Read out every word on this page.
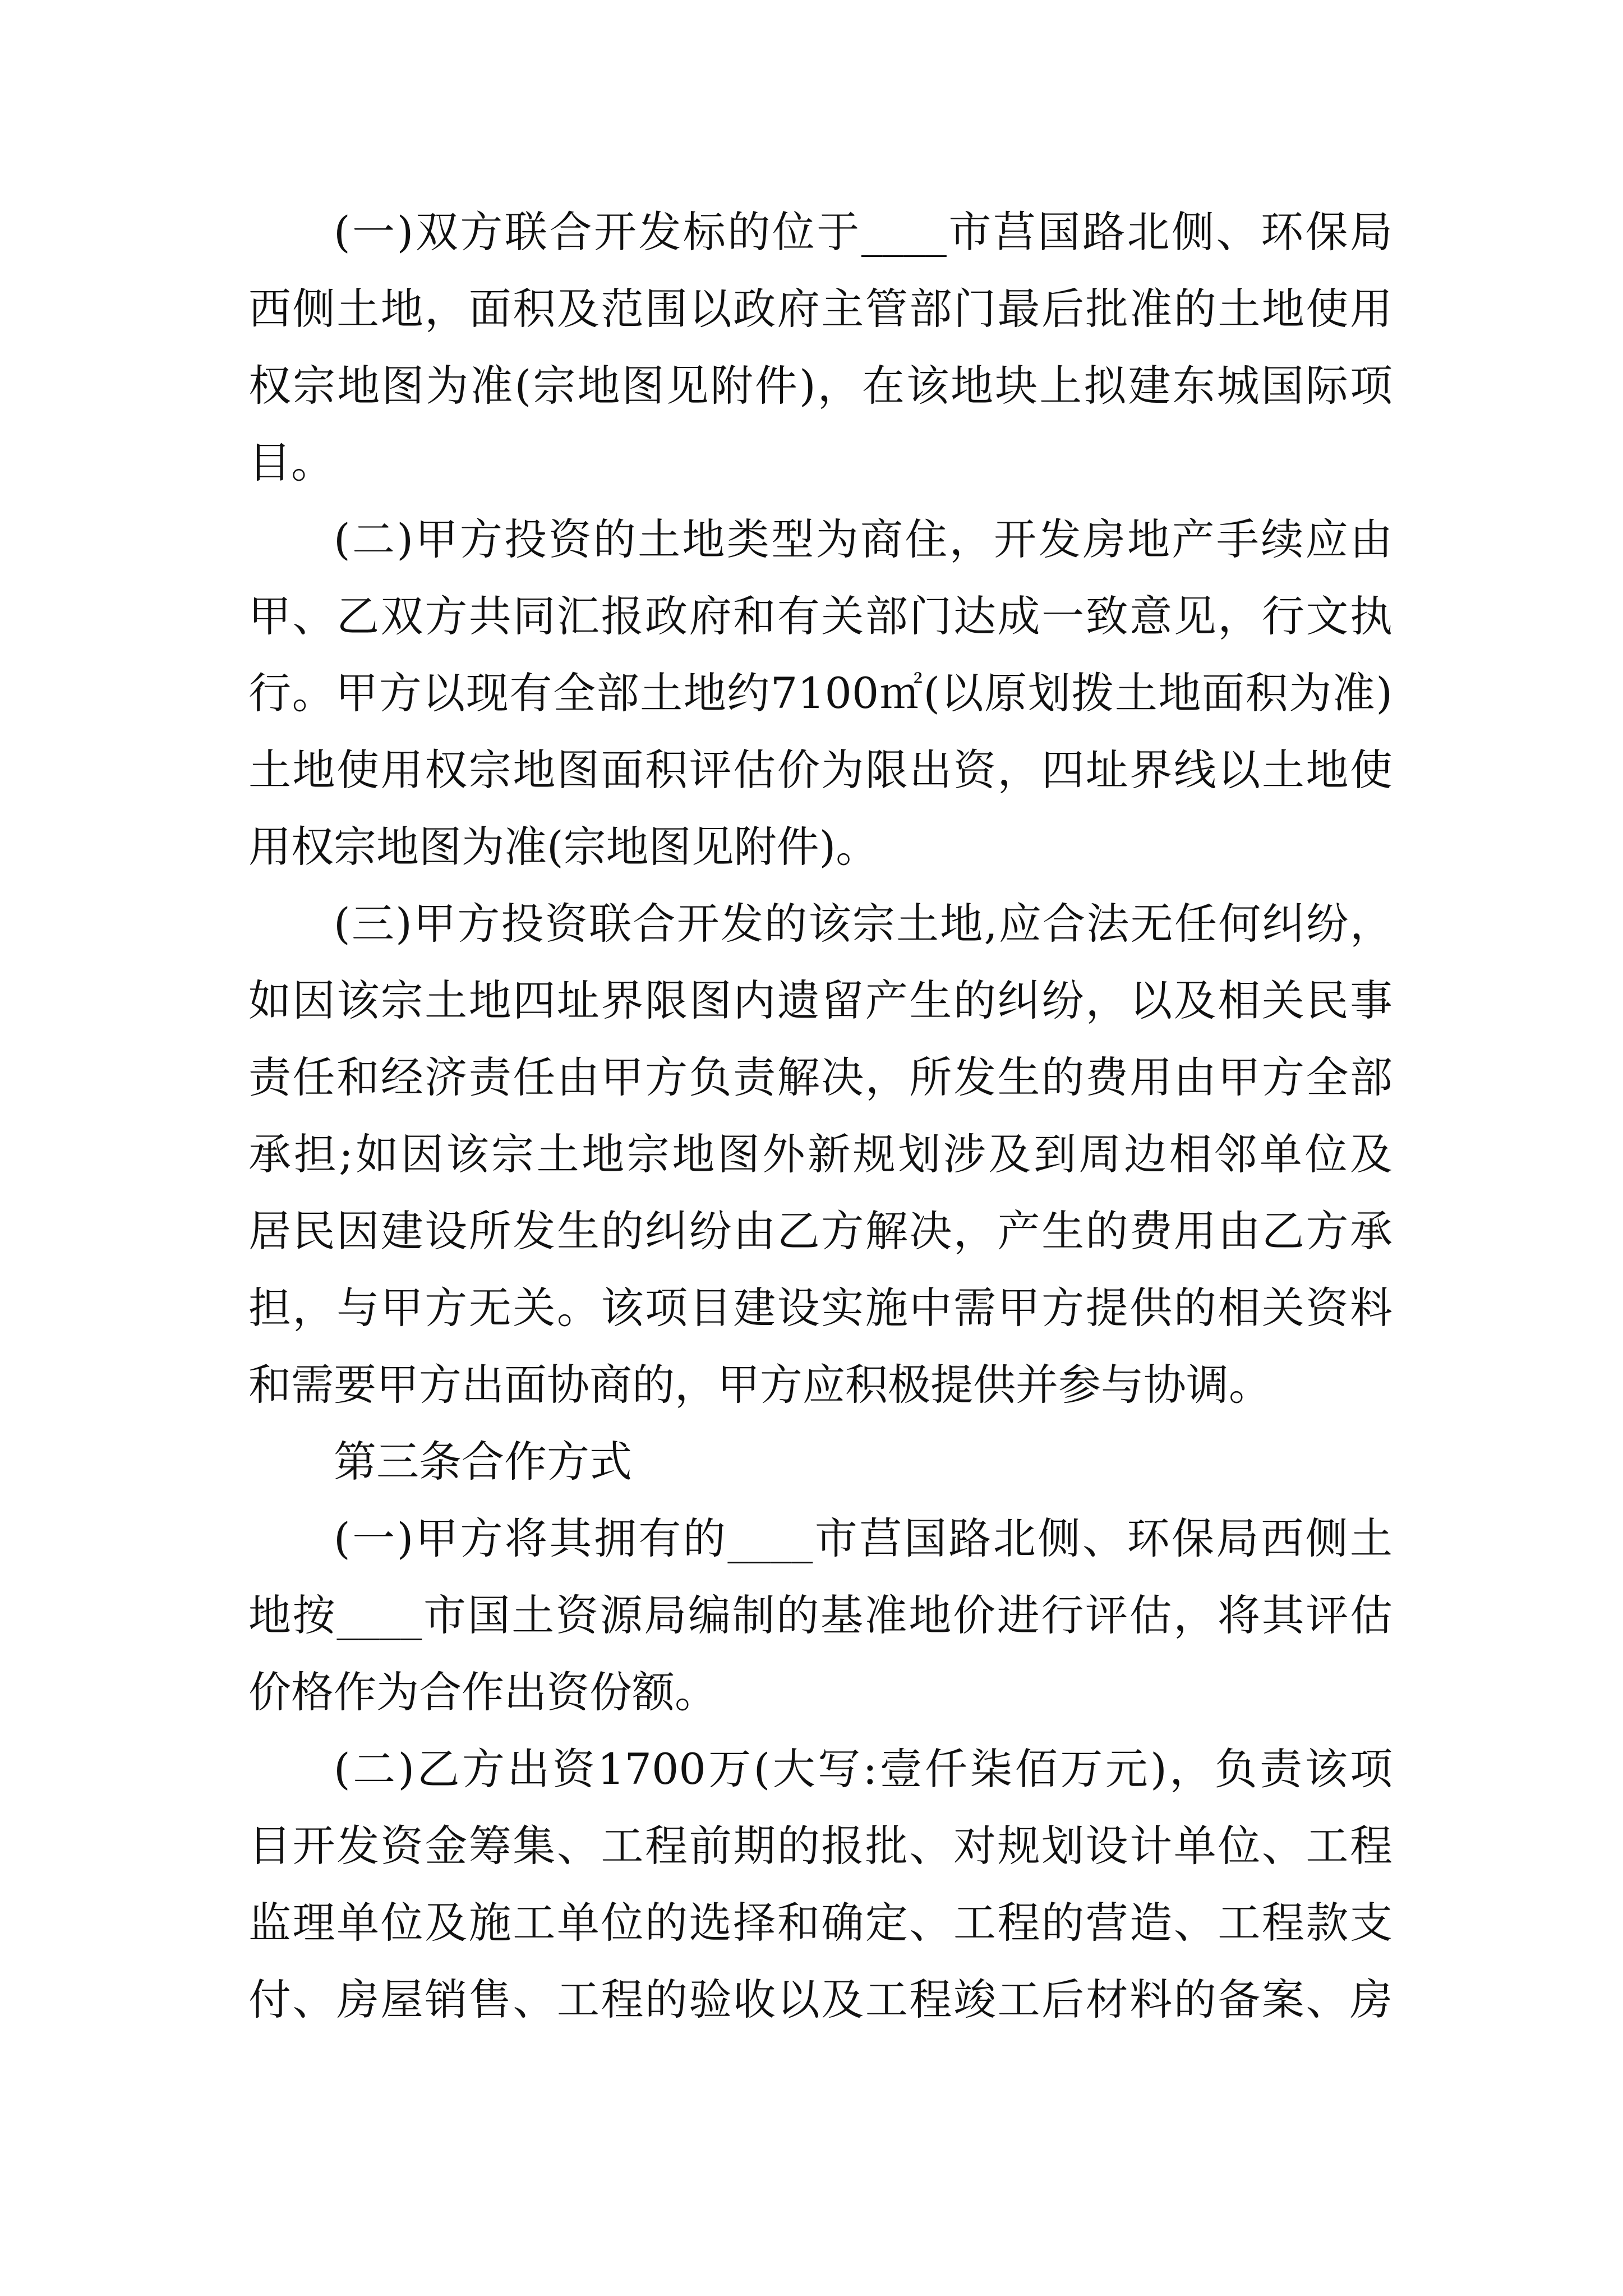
(一)双方联合开发标的位于____市莒国路北侧、环保局
西侧土地，面积及范围以政府主管部门最后批准的土地使用
权宗地图为准(宗地图见附件)，在该地块上拟建东城国际项
目。
(二)甲方投资的土地类型为商住，开发房地产手续应由
甲、乙双方共同汇报政府和有关部门达成一致意见，行文执
行。甲方以现有全部土地约7100㎡(以原划拨土地面积为准)
土地使用权宗地图面积评估价为限出资，四址界线以土地使
用权宗地图为准(宗地图见附件)。
(三)甲方投资联合开发的该宗土地,应合法无任何纠纷，
如因该宗土地四址界限图内遗留产生的纠纷，以及相关民事
责任和经济责任由甲方负责解决，所发生的费用由甲方全部
承担;如因该宗土地宗地图外新规划涉及到周边相邻单位及
居民因建设所发生的纠纷由乙方解决，产生的费用由乙方承
担，与甲方无关。该项目建设实施中需甲方提供的相关资料
和需要甲方出面协商的，甲方应积极提供并参与协调。
第三条合作方式
(一)甲方将其拥有的____市莒国路北侧、环保局西侧土
地按____市国土资源局编制的基准地价进行评估，将其评估
价格作为合作出资份额。
(二)乙方出资1700万(大写:壹仟柒佰万元)，负责该项
目开发资金筹集、工程前期的报批、对规划设计单位、工程
监理单位及施工单位的选择和确定、工程的营造、工程款支
付、房屋销售、工程的验收以及工程竣工后材料的备案、房
